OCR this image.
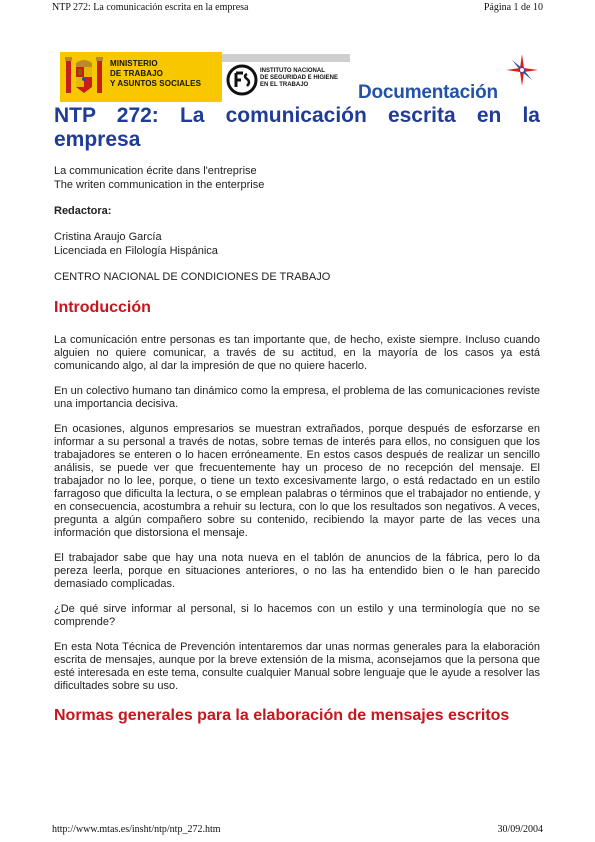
NTP 272: La comunicación escrita en la empresa	Página 1 de 10
MINISTERIO
DE TRABAJO
Y ASUNTOS SOCIALES
INSTITUTO NACIONAL
DE SEGURIDAD E HIGIENE
EN EL TRABAJO	Documentación
NTP 272: La comunicación escrita en la empresa
La communication écrite dans l'entreprise
The writen communication in the enterprise
Redactora:
Cristina Araujo García
Licenciada en Filología Hispánica
CENTRO NACIONAL DE CONDICIONES DE TRABAJO
Introducción

La comunicación entre personas es tan importante que, de hecho, existe siempre. Incluso cuando alguien no quiere comunicar, a través de su actitud, en la mayoría de los casos ya está comunicando algo, al dar la impresión de que no quiere hacerlo.

En un colectivo humano tan dinámico como la empresa, el problema de las comunicaciones reviste una importancia decisiva.

En ocasiones, algunos empresarios se muestran extrañados, porque después de esforzarse en informar a su personal a través de notas, sobre temas de interés para ellos, no consiguen que los trabajadores se enteren o lo hacen erróneamente. En estos casos después de realizar un sencillo análisis, se puede ver que frecuentemente hay un proceso de no recepción del mensaje. El trabajador no lo lee, porque, o tiene un texto excesivamente largo, o está redactado en un estilo farragoso que dificulta la lectura, o se emplean palabras o términos que el trabajador no entiende, y en consecuencia, acostumbra a rehuir su lectura, con lo que los resultados son negativos. A veces, pregunta a algún compañero sobre su contenido, recibiendo la mayor parte de las veces una información que distorsiona el mensaje.

El trabajador sabe que hay una nota nueva en el tablón de anuncios de la fábrica, pero lo da pereza leerla, porque en situaciones anteriores, o no las ha entendido bien o le han parecido demasiado complicadas.

¿De qué sirve informar al personal, si lo hacemos con un estilo y una terminología que no se comprende?

En esta Nota Técnica de Prevención intentaremos dar unas normas generales para la elaboración escrita de mensajes, aunque por la breve extensión de la misma, aconsejamos que la persona que esté interesada en este tema, consulte cualquier Manual sobre lenguaje que le ayude a resolver las dificultades sobre su uso.

Normas generales para la elaboración de mensajes escritos
http://www.mtas.es/insht/ntp/ntp_272.htm	30/09/2004
